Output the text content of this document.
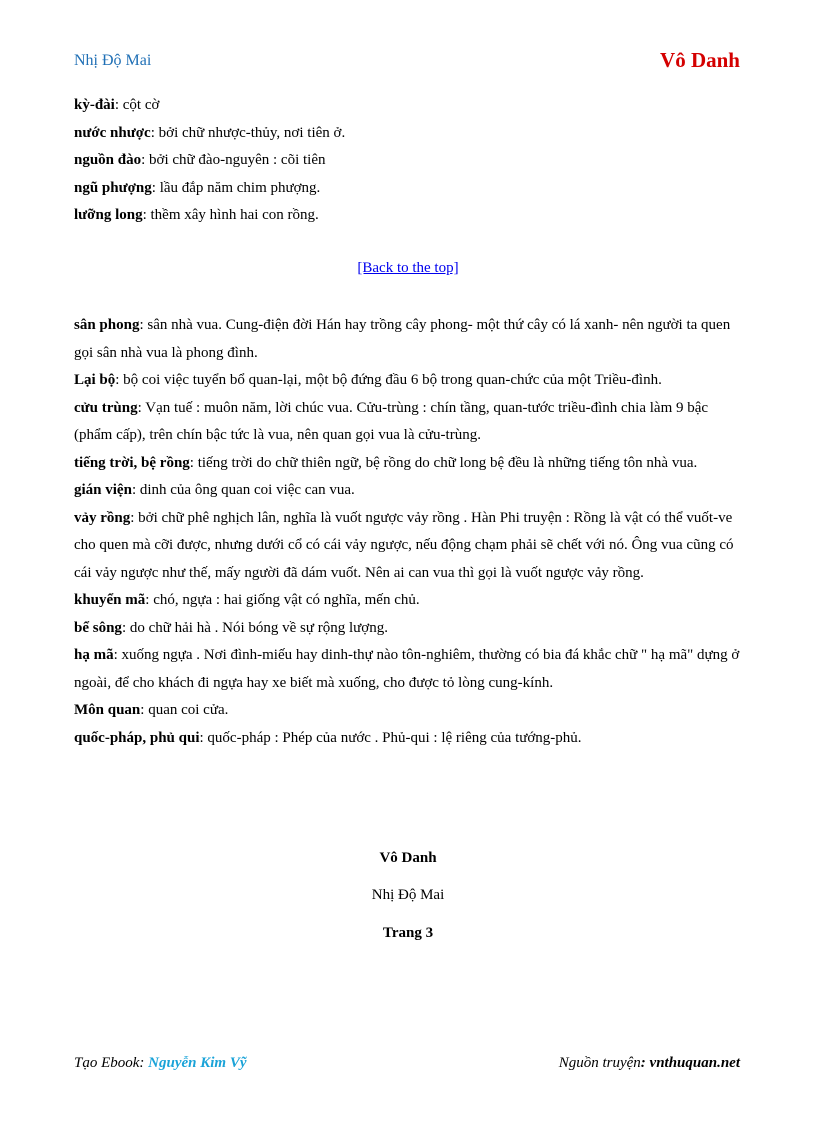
Nhị Độ Mai	Vô Danh

kỳ-đài: cột cờ

nước nhược: bởi chữ nhược-thủy, nơi tiên ở.

nguồn đào: bởi chữ đào-nguyên : cõi tiên

ngũ phượng: lầu đắp năm chim phượng.

lưỡng long: thềm xây hình hai con rồng.

[Back to the top]

sân phong: sân nhà vua. Cung-điện đời Hán hay trồng cây phong- một thứ cây có lá xanh- nên người ta quen gọi sân nhà vua là phong đình.

Lại bộ: bộ coi việc tuyển bổ quan-lại, một bộ đứng đầu 6 bộ trong quan-chức của một Triều-đình.

cửu trùng: Vạn tuế : muôn năm, lời chúc vua. Cửu-trùng : chín tầng, quan-tước triều-đình chia làm 9 bậc (phẩm cấp), trên chín bậc tức là vua, nên quan gọi vua là cửu-trùng.

tiếng trời, bệ rồng: tiếng trời do chữ thiên ngữ, bệ rồng do chữ long bệ đều là những tiếng tôn nhà vua.

gián viện: dinh của ông quan coi việc can vua.

vảy rồng: bởi chữ phê nghịch lân, nghĩa là vuốt ngược vảy rồng . Hàn Phi truyện : Rồng là vật có thể vuốt-ve cho quen mà cỡi được, nhưng dưới cổ có cái vảy ngược, nếu động chạm phải sẽ chết với nó. Ông vua cũng có cái vảy ngược như thế, mấy người đã dám vuốt. Nên ai can vua thì gọi là vuốt ngược vảy rồng.

khuyển mã: chó, ngựa : hai giống vật có nghĩa, mến chủ.

bể sông: do chữ hải hà . Nói bóng về sự rộng lượng.

hạ mã: xuống ngựa . Nơi đình-miếu hay dinh-thự nào tôn-nghiêm, thường có bia đá khắc chữ " hạ mã" dựng ở ngoài, để cho khách đi ngựa hay xe biết mà xuống, cho được tỏ lòng cung-kính.

Môn quan: quan coi cửa.

quốc-pháp, phủ qui: quốc-pháp : Phép của nước . Phủ-qui : lệ riêng của tướng-phủ.

Vô Danh
Nhị Độ Mai
Trang 3
Tạo Ebook: Nguyễn Kim Vỹ	Nguồn truyện: vnthuquan.net
